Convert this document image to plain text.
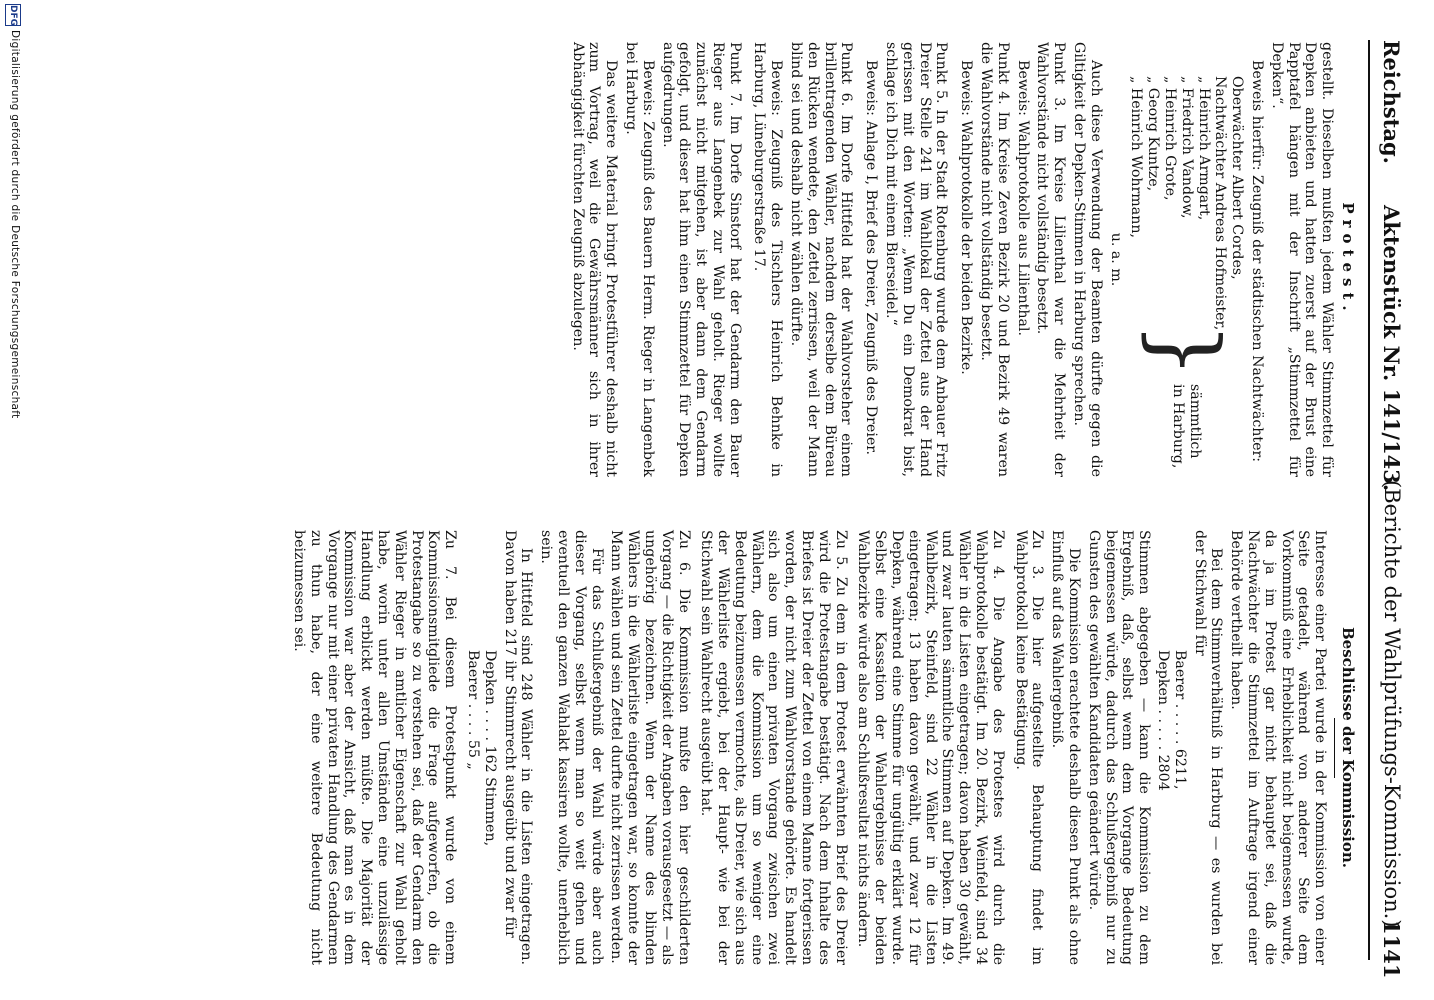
Reichstag.
Aktenstück Nr. 141/143.
(Berichte der Wahlprüfungs-Kommission.)
1141
Protest.

gestellt. Dieselben mußten jedem Wähler Stimmzettel für Depken anbieten und hatten zuerst auf der Brust eine Papptafel hängen mit der Inschrift „Stimmzettel für Depken“.

Beweis hierfür: Zeugniß der städtischen Nachtwächter:

Oberwächter Albert Cordes,
Nachtwächter Andreas Hofmeister,
„ Heinrich Armgart,
„ Friedrich Vandow,
„ Heinrich Grote,
„ Georg Kuntze,
„ Heinrich Wohrmann,
}
sämmtlich in Harburg,

u. a. m.

Auch diese Verwendung der Beamten dürfte gegen die Giltigkeit der Depken-Stimmen in Harburg sprechen.

Punkt 3. Im Kreise Lilienthal war die Mehrheit der Wahlvorstände nicht vollständig besetzt.

Beweis: Wahlprotokolle aus Lilienthal.

Punkt 4. Im Kreise Zeven Bezirk 20 und Bezirk 49 waren die Wahlvorstände nicht vollständig besetzt.

Beweis: Wahlprotokolle der beiden Bezirke.

Punkt 5. In der Stadt Rotenburg wurde dem Anbauer Fritz Dreier Stelle 241 im Wahllokal der Zettel aus der Hand gerissen mit den Worten: „Wenn Du ein Demokrat bist, schlage ich Dich mit einem Bierseidel.“

Beweis: Anlage I, Brief des Dreier, Zeugniß des Dreier.

Punkt 6. Im Dorfe Hittfeld hat der Wahlvorsteher einem brillentragenden Wähler, nachdem derselbe dem Büreau den Rücken wendete, den Zettel zerrissen, weil der Mann blind sei und deshalb nicht wählen dürfte.

Beweis: Zeugniß des Tischlers Heinrich Behnke in Harburg, Lüneburgerstraße 17.

Punkt 7. Im Dorfe Sinstorf hat der Gendarm den Bauer Rieger aus Langenbek zur Wahl geholt. Rieger wollte zunächst nicht mitgehen, ist aber dann dem Gendarm gefolgt, und dieser hat ihm einen Stimmzettel für Depken aufgedrungen.

Beweis: Zeugniß des Bauern Herm. Rieger in Langenbek bei Harburg.

Das weitere Material bringt Protestführer deshalb nicht zum Vortrag, weil die Gewährsmänner sich in ihrer Abhängigkeit fürchten Zeugniß abzulegen.

Beschlüsse der Kommission.

Interesse einer Partei wurde in der Kommission von einer Seite getadelt, während von anderer Seite dem Vorkommniß eine Erheblichkeit nicht beigemessen wurde, da ja im Protest gar nicht behauptet sei, daß die Nachtwächter die Stimmzettel im Auftrage irgend einer Behörde vertheilt haben.

Bei dem Stimmverhältniß in Harburg — es wurden bei der Stichwahl für

Baerer . . . . . 6211,
Depken . . . . . 2804

Stimmen abgegeben — kann die Kommission zu dem Ergebniß, daß, selbst wenn dem Vorgange Bedeutung beigemessen würde, dadurch das Schlußergebniß nur zu Gunsten des gewählten Kandidaten geändert würde.

Die Kommission erachtete deshalb diesen Punkt als ohne Einfluß auf das Wahlergebniß.

Zu 3. Die hier aufgestellte Behauptung findet im Wahlprotokoll keine Bestätigung.

Zu 4. Die Angabe des Protestes wird durch die Wahlprotokolle bestätigt. Im 20. Bezirk, Weinfeld, sind 34 Wähler in die Listen eingetragen; davon haben 30 gewählt, und zwar lauten sämmtliche Stimmen auf Depken. Im 49. Wahlbezirk, Steinfeld, sind 22 Wähler in die Listen eingetragen; 13 haben davon gewählt, und zwar 12 für Depken, während eine Stimme für ungültig erklärt wurde. Selbst eine Kassation der Wahlergebnisse der beiden Wahlbezirke würde also am Schlußresultat nichts ändern.

Zu 5. Zu dem in dem Protest erwähnten Brief des Dreier wird die Protestangabe bestätigt. Nach dem Inhalte des Briefes ist Dreier der Zettel von einem Manne fortgerissen worden, der nicht zum Wahlvorstande gehörte. Es handelt sich also um einen privaten Vorgang zwischen zwei Wählern, dem die Kommission um so weniger eine Bedeutung beizumessen vermochte, als Dreier, wie sich aus der Wählerliste ergiebt, bei der Haupt- wie bei der Stichwahl sein Wahlrecht ausgeübt hat.

Zu 6. Die Kommission mußte den hier geschilderten Vorgang — die Richtigkeit der Angaben vorausgesetzt — als ungehörig bezeichnen. Wenn der Name des blinden Wählers in die Wählerliste eingetragen war, so konnte der Mann wählen und sein Zettel durfte nicht zerrissen werden.

Für das Schlußergebniß der Wahl würde aber auch dieser Vorgang, selbst wenn man so weit gehen und eventuell den ganzen Wahlakt kassiren wollte, unerheblich sein.

In Hittfeld sind 248 Wähler in die Listen eingetragen. Davon haben 217 ihr Stimmrecht ausgeübt und zwar für

Depken . . . . 162 Stimmen,
Baerer . . . . 55 „

Zu 7. Bei diesem Protestpunkt wurde von einem Kommissionsmitgliede die Frage aufgeworfen, ob die Protestangabe so zu verstehen sei, daß der Gendarm den Wähler Rieger in amtlicher Eigenschaft zur Wahl geholt habe, worin unter allen Umständen eine unzulässige Handlung erblickt werden müßte. Die Majorität der Kommission war aber der Ansicht, daß man es in dem Vorgange nur mit einer privaten Handlung des Gendarmen zu thun habe, der eine weitere Bedeutung nicht beizumessen sei.

DFG
Digitalisierung gefördert durch die Deutsche Forschungsgemeinschaft
